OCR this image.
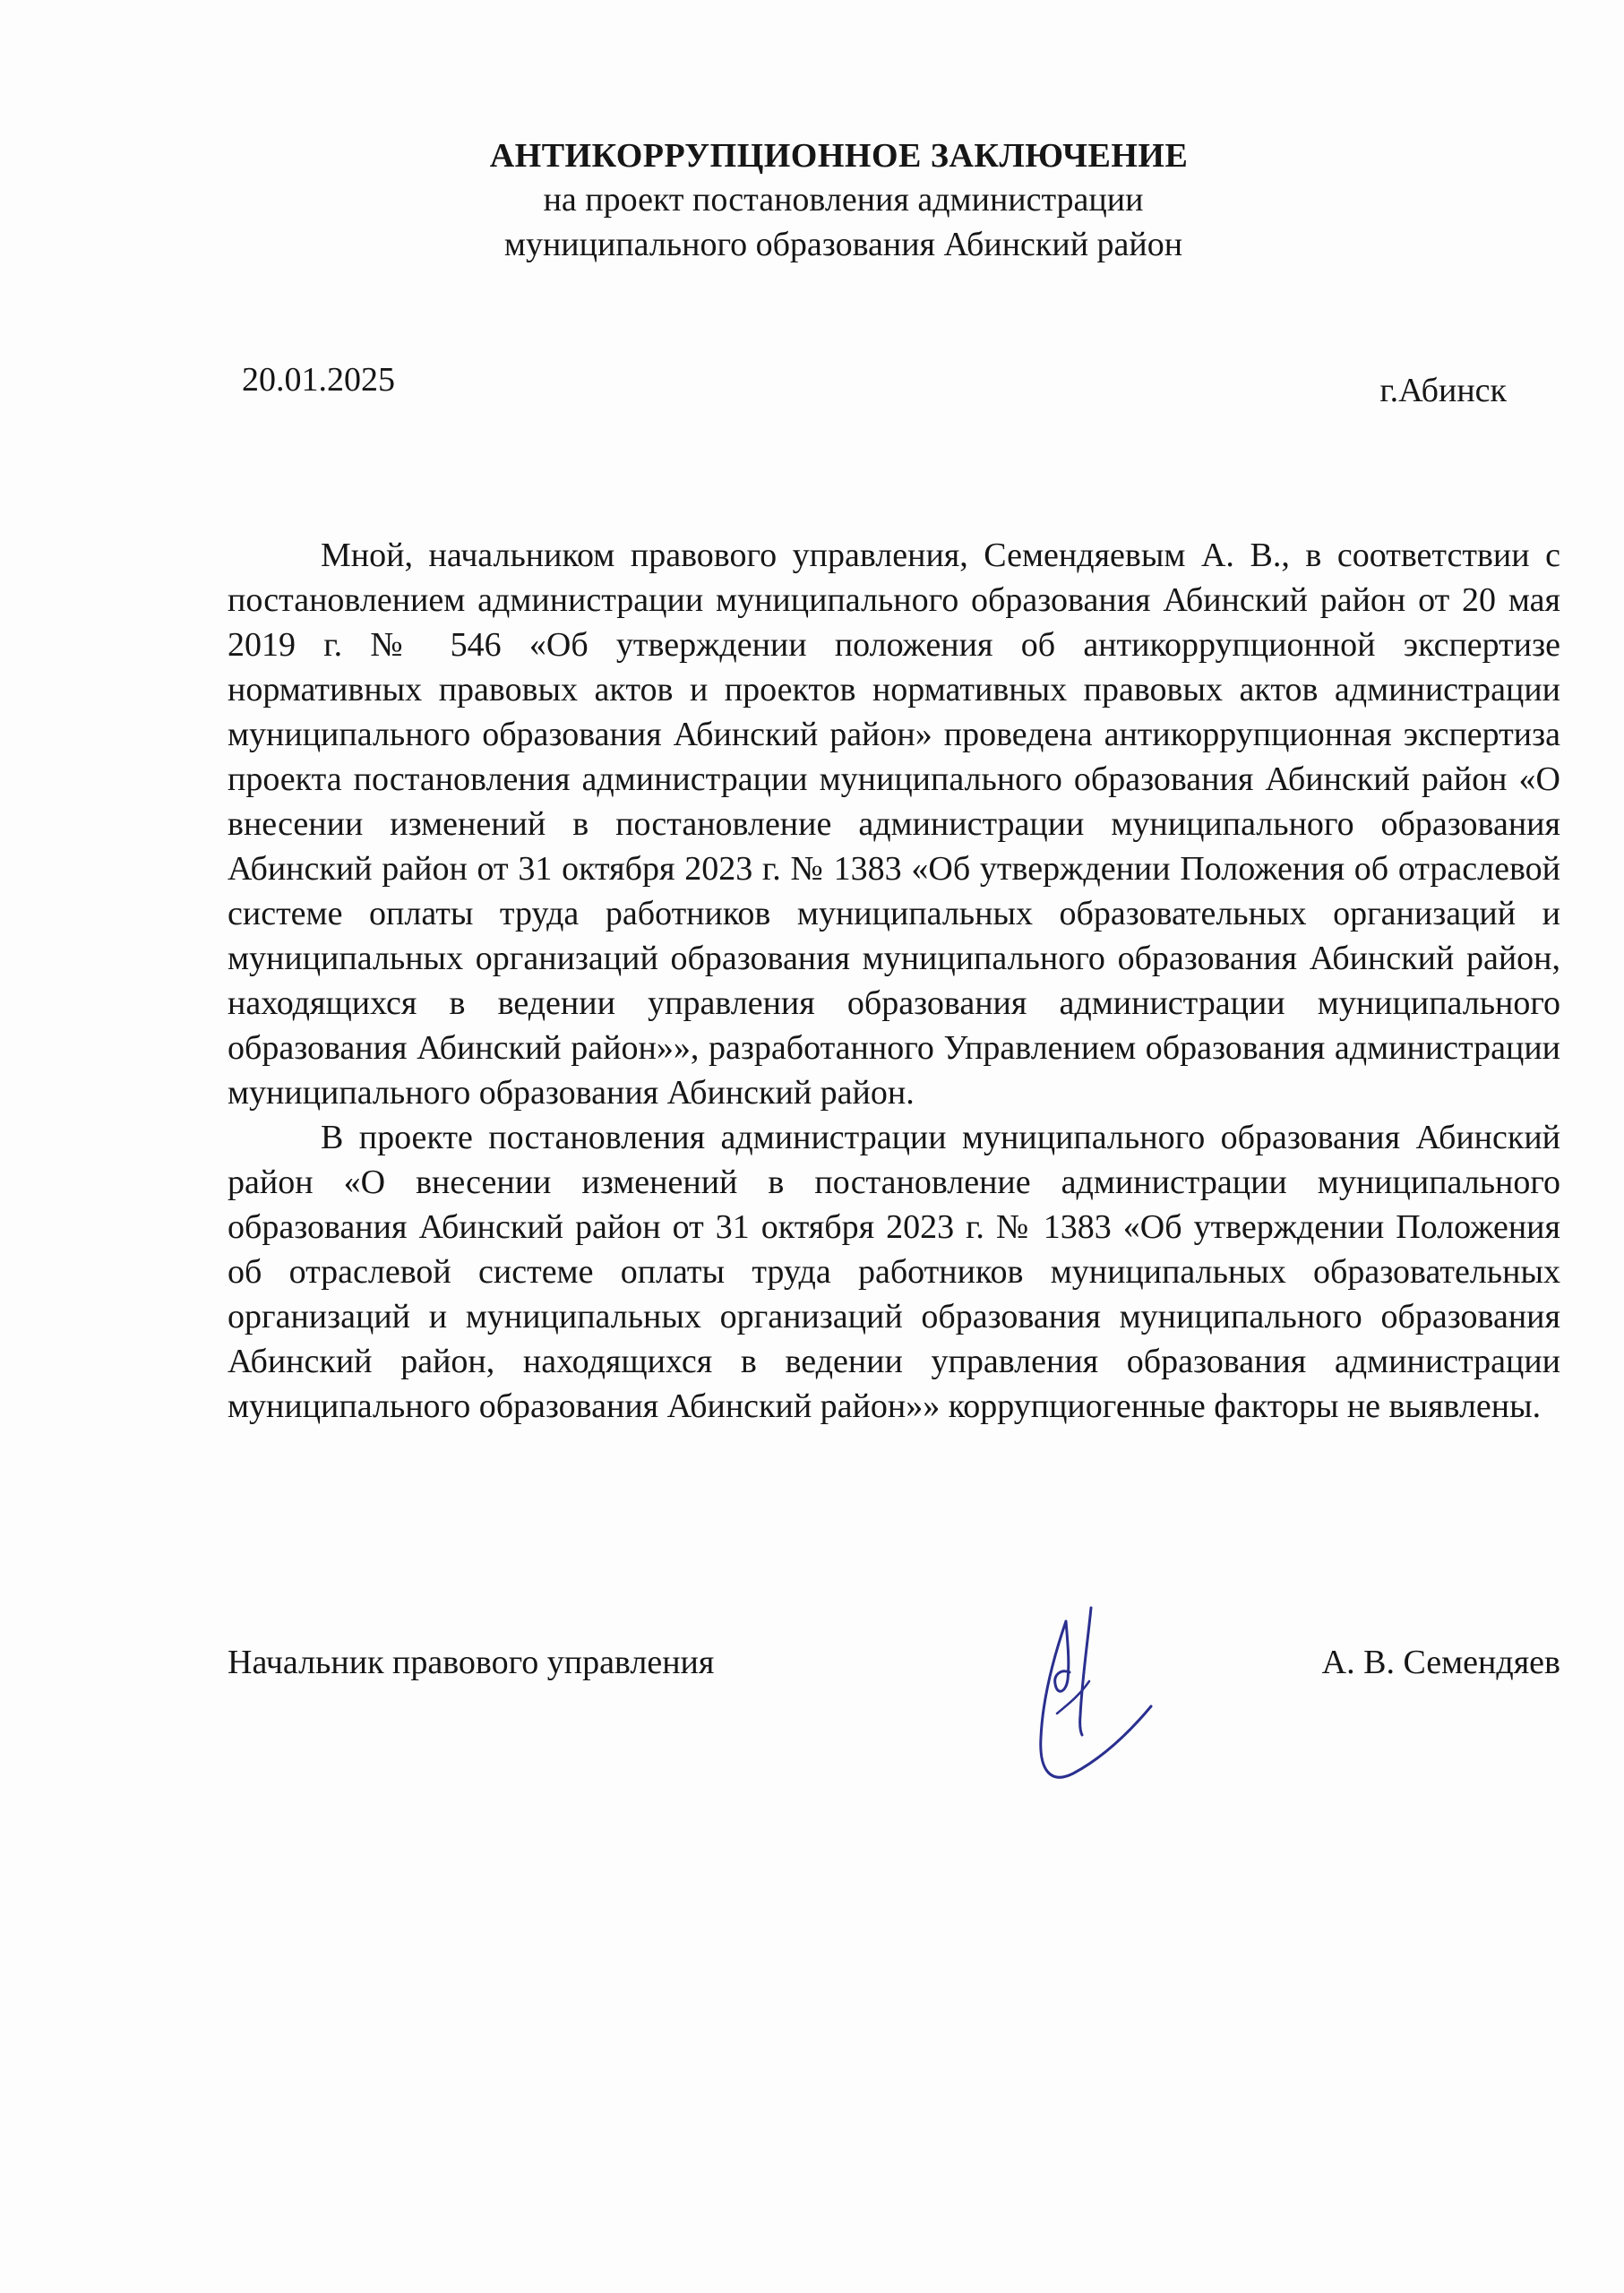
АНТИКОРРУПЦИОННОЕ ЗАКЛЮЧЕНИЕ
на проект постановления администрации
муниципального образования Абинский район
20.01.2025	г.Абинск

Мной, начальником правового управления, Семендяевым А. В., в соответствии с постановлением администрации муниципального образования Абинский район от 20 мая 2019 г. № 546 «Об утверждении положения об антикоррупционной экспертизе нормативных правовых актов и проектов нормативных правовых актов администрации муниципального образования Абинский район» проведена антикоррупционная экспертиза проекта постановления администрации муниципального образования Абинский район «О внесении изменений в постановление администрации муниципального образования Абинский район от 31 октября 2023 г. № 1383 «Об утверждении Положения об отраслевой системе оплаты труда работников муниципальных образовательных организаций и муниципальных организаций образования муниципального образования Абинский район, находящихся в ведении управления образования администрации муниципального образования Абинский район»», разработанного Управлением образования администрации муниципального образования Абинский район.

В проекте постановления администрации муниципального образования Абинский район «О внесении изменений в постановление администрации муниципального образования Абинский район от 31 октября 2023 г. № 1383 «Об утверждении Положения об отраслевой системе оплаты труда работников муниципальных образовательных организаций и муниципальных организаций образования муниципального образования Абинский район, находящихся в ведении управления образования администрации муниципального образования Абинский район»» коррупциогенные факторы не выявлены.

Начальник правового управления	А. В. Семендяев
